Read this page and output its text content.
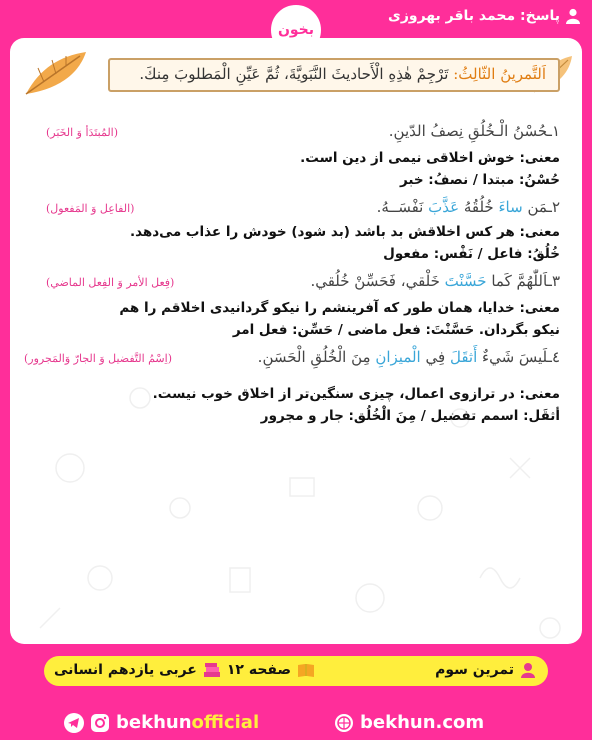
پاسخ: محمد باقر بهروزی
بخون
اَلتَّمرينُ الثّالِثُ: تَرْجِمْ هٰذِهِ الْأَحاديثَ النَّبَويَّةَ، ثُمَّ عَيِّنِ الْمَطلوبَ مِنكَ.
١ـحُسْنُ الْـخُلُقِ نِصفُ الدّينِ.
(المُبتَدَأ وَ الخَبَر)
معنی: خوش اخلاقی نیمی از دین است.
حُسْنُ: مبتدا / نصفُ: خبر
٢ـمَن ساءَ خُلُقُهُ عَذَّبَ نَفْسَــهُ.
(الفاعِل وَ المَفعول)
معنی: هر کس اخلاقش بد باشد (بد شود) خودش را عذاب می‌دهد.
خُلُقُ: فاعل / نَفْس: مفعول
٣ـاَللّٰهُمَّ كَما حَسَّنْتَ خَلْقي، فَحَسِّنْ خُلُقي.
(فِعل الأمر وَ الفِعل الماضي)
معنی: خدایا، همان طور که آفرینشم را نیکو گردانیدی اخلاقم را هم
نیکو بگردان. حَسَّنْتَ: فعل ماضی / حَسِّن: فعل امر
٤ـلَيسَ شَيءٌ أَثقَلَ فِي الْميزانِ مِنَ الْخُلُقِ الْحَسَنِ.
(اِسْمُ التَّفضيل وَ الجارّ وَالمَجرور)
معنی: در ترازوی اعمال، چیزی سنگین‌تر از اخلاق خوب نیست.
أثقَل: اسمم تفضیل / مِنَ الْخُلُق: جار و مجرور
تمرین سوم
صفحه ١٢
عربی یازدهم انسانی
bekhunofficial	bekhun.com
